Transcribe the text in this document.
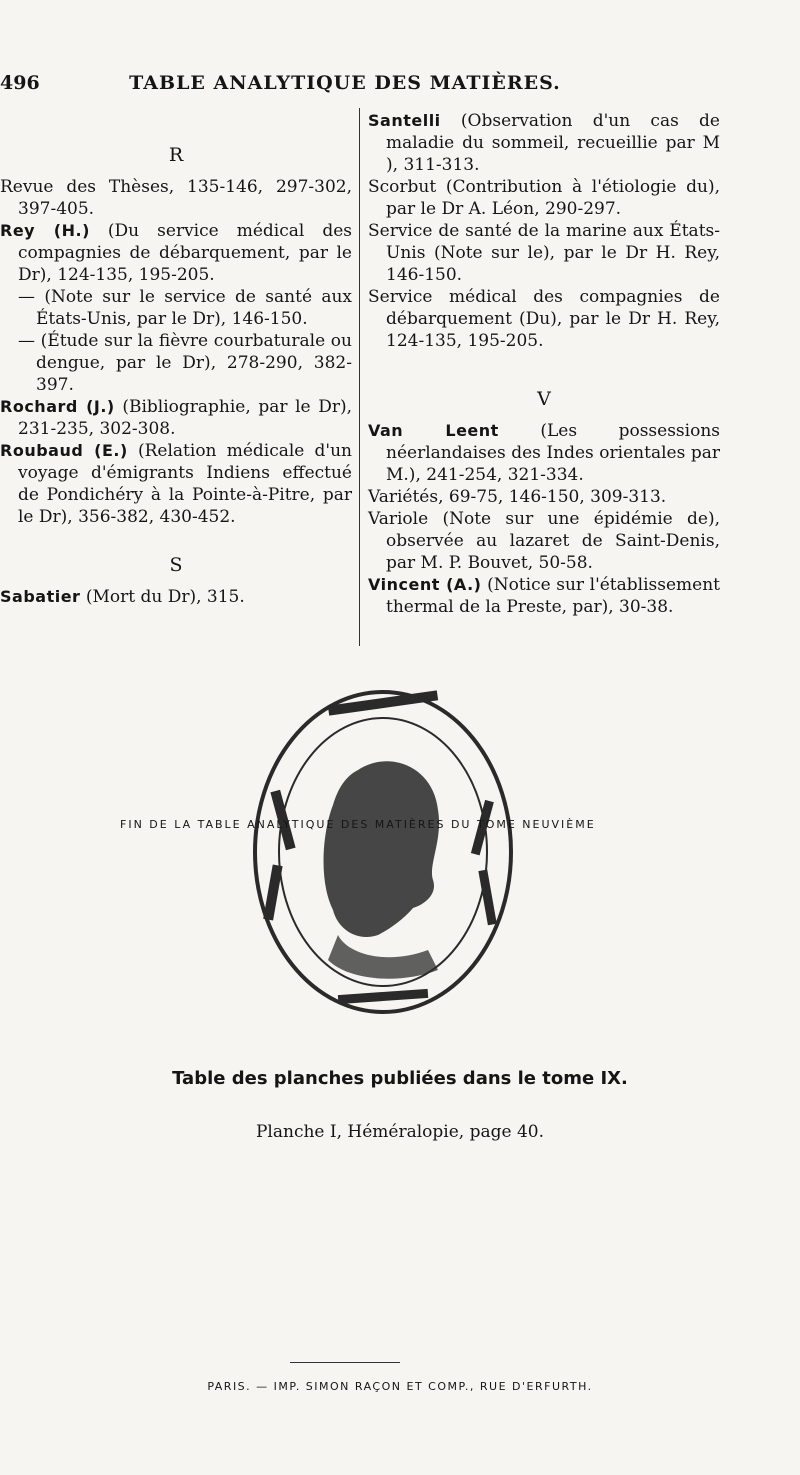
496	TABLE ANALYTIQUE DES MATIÈRES.
R

Revue des Thèses, 135-146, 297-302, 397-405.

Rey (H.) (Du service médical des compagnies de débarquement, par le Dr), 124-135, 195-205.

— (Note sur le service de santé aux États-Unis, par le Dr), 146-150.

— (Étude sur la fièvre courbaturale ou dengue, par le Dr), 278-290, 382-397.

Rochard (J.) (Bibliographie, par le Dr), 231-235, 302-308.

Roubaud (E.) (Relation médicale d'un voyage d'émigrants Indiens effectué de Pondichéry à la Pointe-à-Pitre, par le Dr), 356-382, 430-452.

S

Sabatier (Mort du Dr), 315.

Santelli (Observation d'un cas de maladie du sommeil, recueillie par M ), 311-313.

Scorbut (Contribution à l'étiologie du), par le Dr A. Léon, 290-297.

Service de santé de la marine aux États-Unis (Note sur le), par le Dr H. Rey, 146-150.

Service médical des compagnies de débarquement (Du), par le Dr H. Rey, 124-135, 195-205.

V

Van Leent (Les possessions néerlandaises des Indes orientales par M.), 241-254, 321-334.

Variétés, 69-75, 146-150, 309-313.

Variole (Note sur une épidémie de), observée au lazaret de Saint-Denis, par M. P. Bouvet, 50-58.

Vincent (A.) (Notice sur l'établissement thermal de la Preste, par), 30-38.

FIN DE LA TABLE ANALYTIQUE DES MATIÈRES DU TOME NEUVIÈME
Table des planches publiées dans le tome IX.
Planche I, Héméralopie, page 40.
PARIS. — IMP. SIMON RAÇON ET COMP., RUE D'ERFURTH.
